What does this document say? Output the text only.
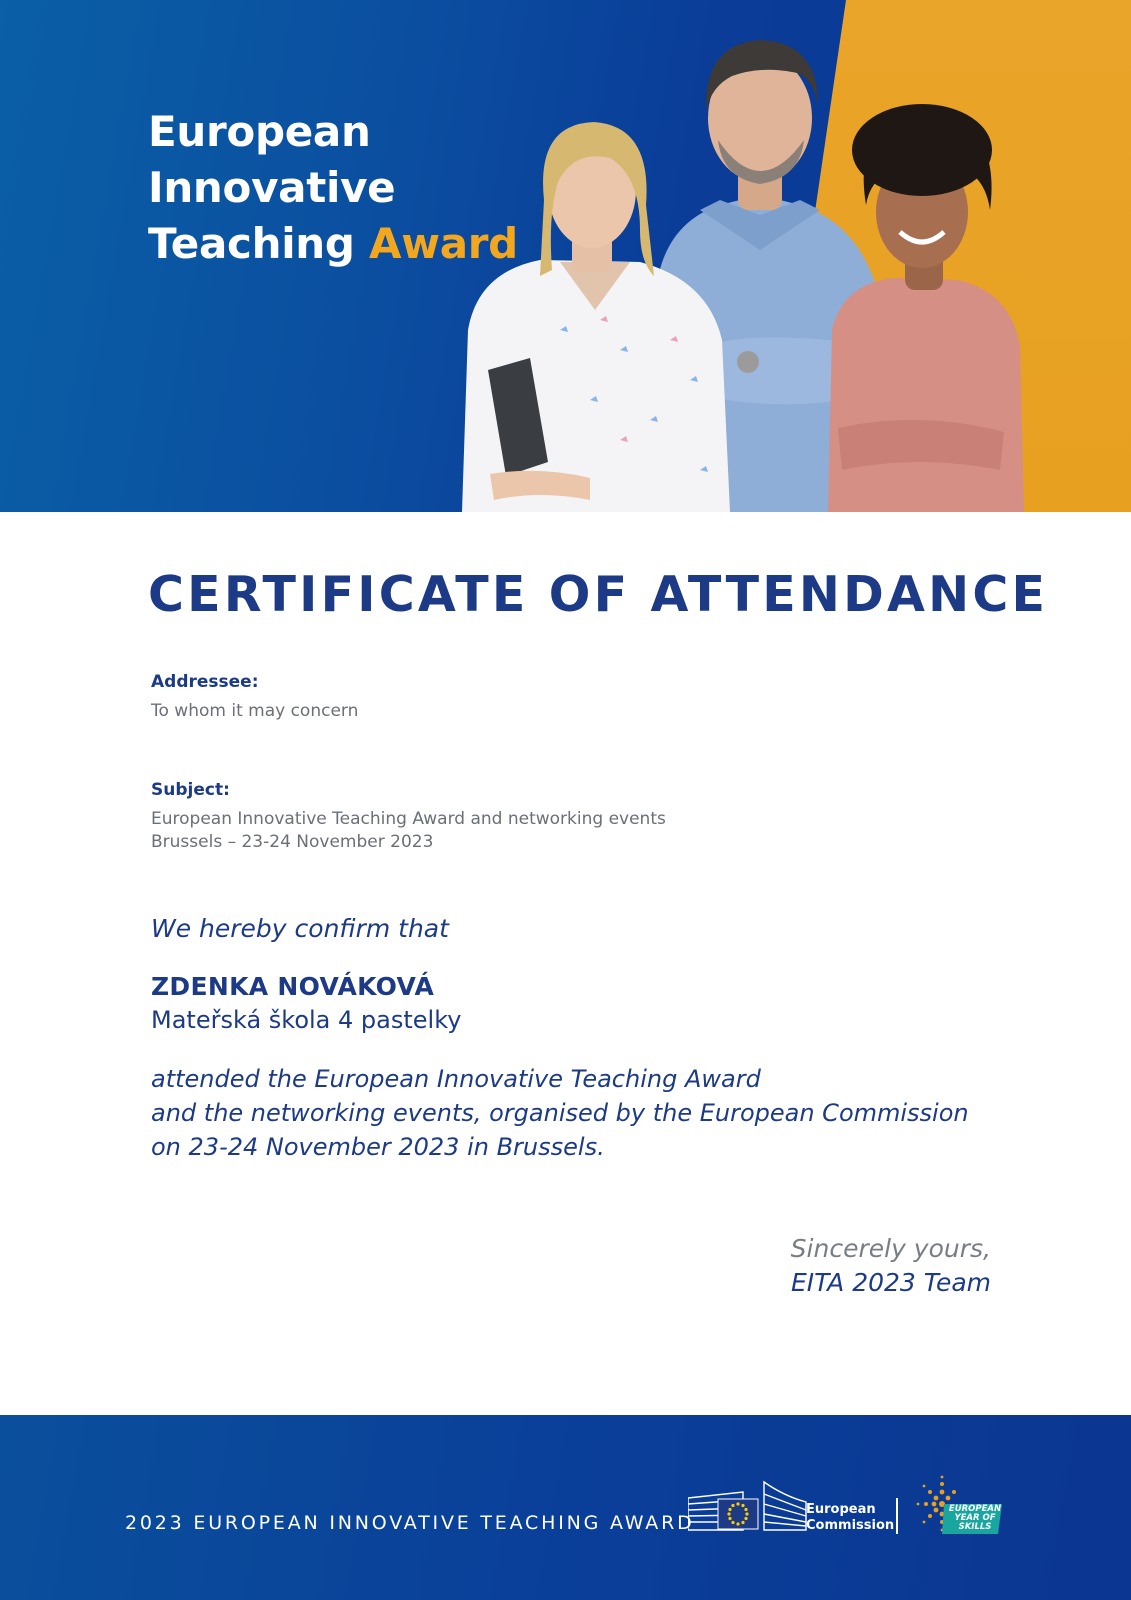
European
Innovative
Teaching Award
CERTIFICATE OF ATTENDANCE
Addressee:
To whom it may concern
Subject:
European Innovative Teaching Award and networking events
Brussels – 23-24 November 2023
We hereby confirm that
ZDENKA NOVÁKOVÁ
Mateřská škola 4 pastelky
attended the European Innovative Teaching Award
and the networking events, organised by the European Commission
on 23-24 November 2023 in Brussels.
Sincerely yours,
EITA 2023 Team
2023 EUROPEAN INNOVATIVE TEACHING AWARD
European
Commission
EUROPEAN
YEAR OF
SKILLS
